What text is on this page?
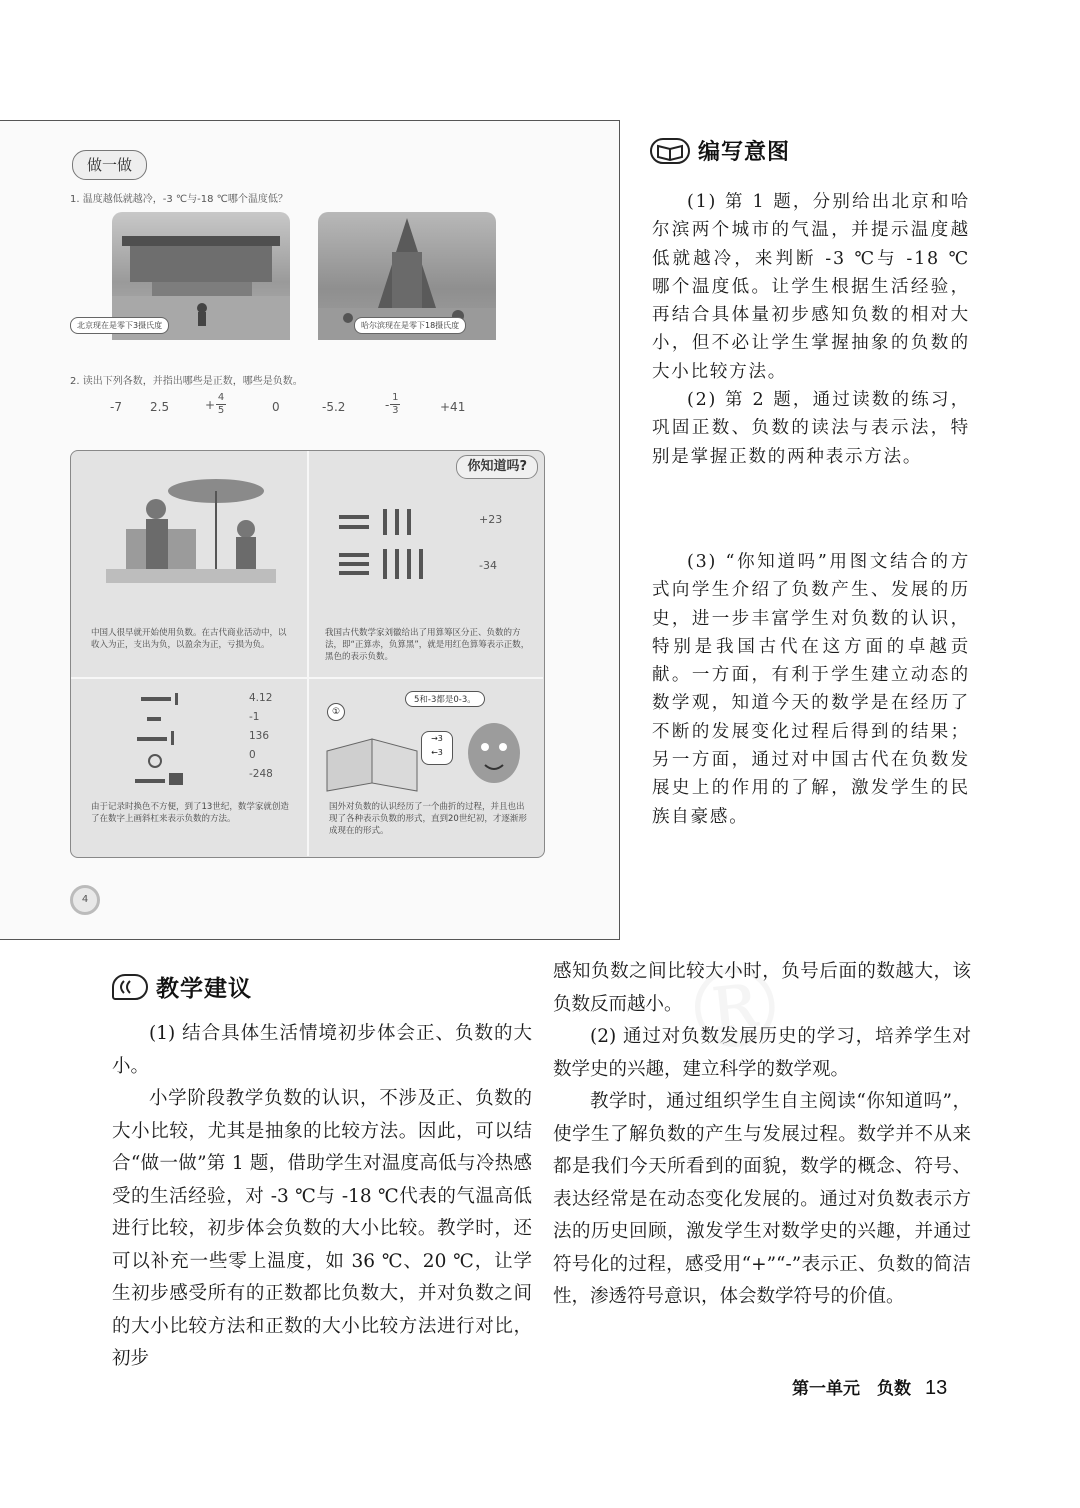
做一做
1. 温度越低就越冷，-3 ℃与-18 ℃哪个温度低？
北京现在是零下3摄氏度	哈尔滨现在是零下18摄氏度
2. 读出下列各数，并指出哪些是正数，哪些是负数。
-7 2.5	+ $\frac{4}{5}$	0	-5.2	- $\frac{1}{3}$	+41
你知道吗?
中国人很早就开始使用负数。在古代商业活动中，以收入为正，支出为负，以盈余为正，亏损为负。
+23
-34
我国古代数学家刘徽给出了用算筹区分正、负数的方法，即“正算赤，负算黑”，就是用红色算筹表示正数，黑色的表示负数。
4.12
-1
136
0
-248
由于记录时换色不方便，到了13世纪，数学家就创造了在数字上画斜杠来表示负数的方法。
①
5和-3都是0-3。
→3
←3
国外对负数的认识经历了一个曲折的过程，并且也出现了各种表示负数的形式，直到20世纪初，才逐渐形成现在的形式。
4
编写意图

(1) 第 1 题，分别给出北京和哈尔滨两个城市的气温，并提示温度越低就越冷，来判断 -3 ℃与 -18 ℃哪个温度低。让学生根据生活经验，再结合具体量初步感知负数的相对大小，但不必让学生掌握抽象的负数的大小比较方法。

(2) 第 2 题，通过读数的练习，巩固正数、负数的读法与表示法，特别是掌握正数的两种表示方法。

(3) “你知道吗”用图文结合的方式向学生介绍了负数产生、发展的历史，进一步丰富学生对负数的认识，特别是我国古代在这方面的卓越贡献。一方面，有利于学生建立动态的数学观，知道今天的数学是在经历了不断的发展变化过程后得到的结果；另一方面，通过对中国古代在负数发展史上的作用的了解，激发学生的民族自豪感。

教学建议

(1) 结合具体生活情境初步体会正、负数的大小。

小学阶段教学负数的认识，不涉及正、负数的大小比较，尤其是抽象的比较方法。因此，可以结合“做一做”第 1 题，借助学生对温度高低与冷热感受的生活经验，对 -3 ℃与 -18 ℃代表的气温高低进行比较，初步体会负数的大小比较。教学时，还可以补充一些零上温度，如 36 ℃、20 ℃，让学生初步感受所有的正数都比负数大，并对负数之间的大小比较方法和正数的大小比较方法进行对比，初步

感知负数之间比较大小时，负号后面的数越大，该负数反而越小。

(2) 通过对负数发展历史的学习，培养学生对数学史的兴趣，建立科学的数学观。

教学时，通过组织学生自主阅读“你知道吗”，使学生了解负数的产生与发展过程。数学并不从来都是我们今天所看到的面貌，数学的概念、符号、表达经常是在动态变化发展的。通过对负数表示方法的历史回顾，激发学生对数学史的兴趣，并通过符号化的过程，感受用“+”“-”表示正、负数的简洁性，渗透符号意识，体会数学符号的价值。

第一单元　负数 13
